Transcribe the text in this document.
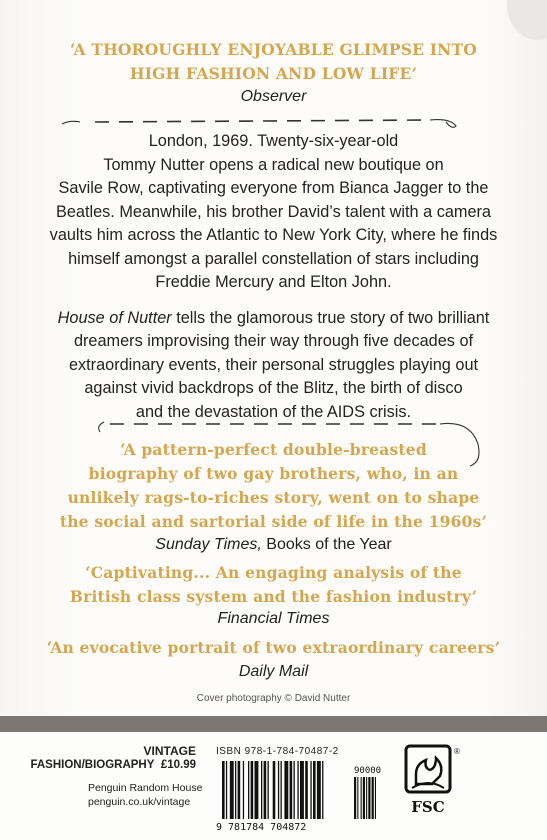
‘A THOROUGHLY ENJOYABLE GLIMPSE INTO
HIGH FASHION AND LOW LIFE’
Observer

London, 1969. Twenty-six-year-old
Tommy Nutter opens a radical new boutique on
Savile Row, captivating everyone from Bianca Jagger to the
Beatles. Meanwhile, his brother David’s talent with a camera
vaults him across the Atlantic to New York City, where he finds
himself amongst a parallel constellation of stars including
Freddie Mercury and Elton John.

House of Nutter tells the glamorous true story of two brilliant
dreamers improvising their way through five decades of
extraordinary events, their personal struggles playing out
against vivid backdrops of the Blitz, the birth of disco
and the devastation of the AIDS crisis.

‘A pattern-perfect double-breasted
biography of two gay brothers, who, in an
unlikely rags-to-riches story, went on to shape
the social and sartorial side of life in the 1960s’
Sunday Times, Books of the Year
‘Captivating... An engaging analysis of the
British class system and the fashion industry’
Financial Times
‘An evocative portrait of two extraordinary careers’
Daily Mail
Cover photography © David Nutter
VINTAGE
FASHION/BIOGRAPHY £10.99
Penguin Random House
penguin.co.uk/vintage
ISBN 978-1-784-70487-2
9 781784 704872
90000
®
FSC
